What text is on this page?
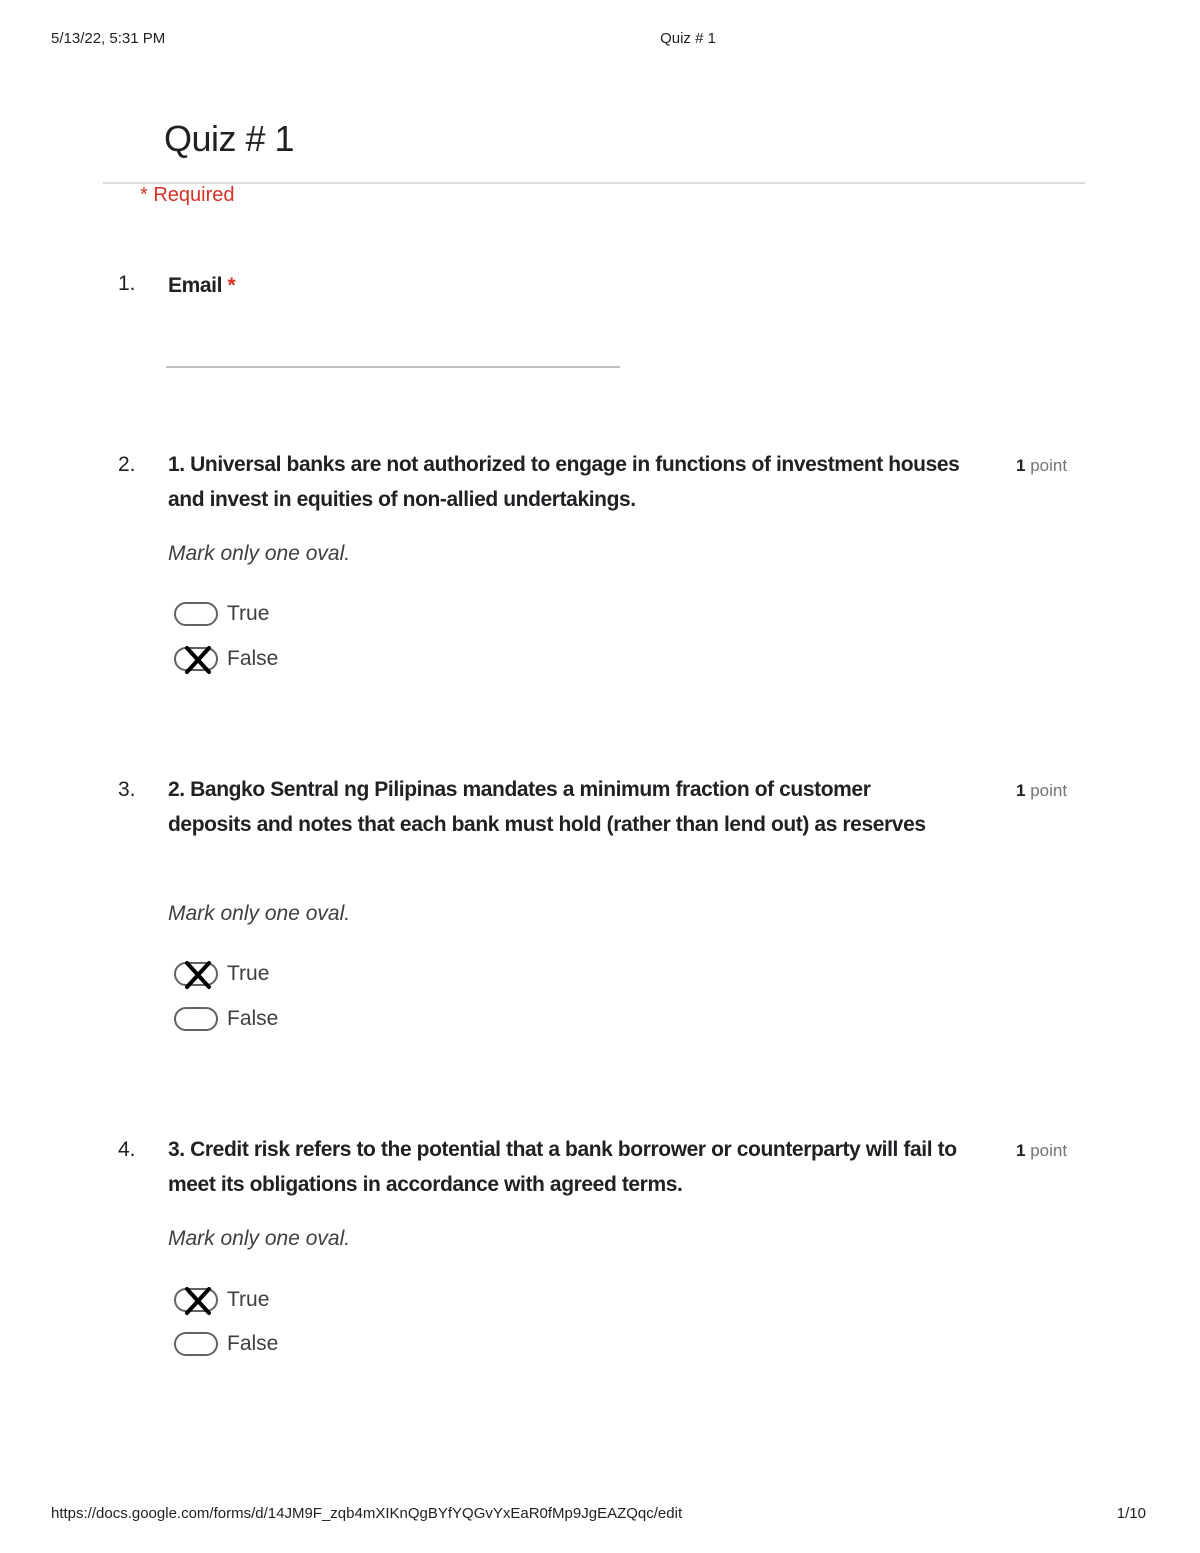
5/13/22, 5:31 PM	Quiz # 1
Quiz # 1
* Required
1. Email *
2. 1. Universal banks are not authorized to engage in functions of investment houses and invest in equities of non-allied undertakings.
1 point
Mark only one oval.
True
False
3. 2. Bangko Sentral ng Pilipinas mandates a minimum fraction of customer deposits and notes that each bank must hold (rather than lend out) as reserves
1 point
Mark only one oval.
True
False
4. 3. Credit risk refers to the potential that a bank borrower or counterparty will fail to meet its obligations in accordance with agreed terms.
1 point
Mark only one oval.
True
False
https://docs.google.com/forms/d/14JM9F_zqb4mXIKnQgBYfYQGvYxEaR0fMp9JgEAZQqc/edit	1/10
